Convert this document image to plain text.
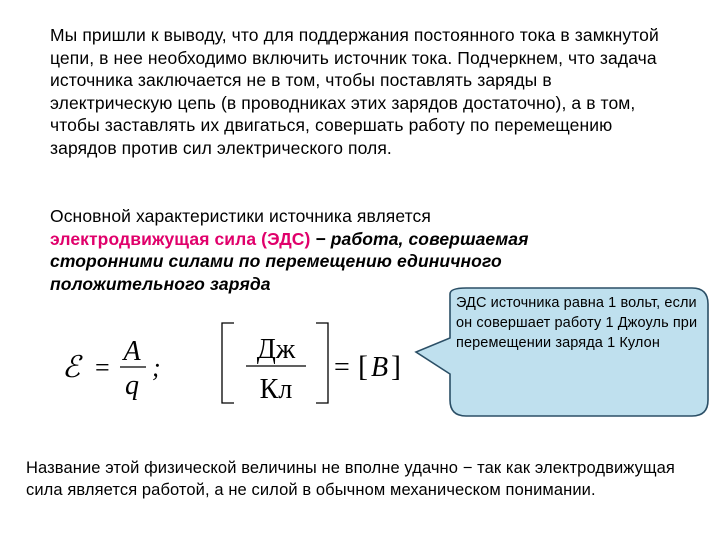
Мы пришли к выводу, что для поддержания постоянного тока в замкнутой цепи, в нее необходимо включить источник тока. Подчеркнем, что задача источника заключается не в том, чтобы поставлять заряды в электрическую цепь (в проводниках этих зарядов достаточно), а в том, чтобы заставлять их двигаться, совершать работу по перемещению зарядов против сил электрического поля.

Основной характеристики источника является
электродвижущая сила (ЭДС) − работа, совершаемая сторонними силами по перемещению единичного положительного заряда

ℰ =
A
q
;
Дж
Кл
= [ В ]

ЭДС источника равна 1 вольт, если он совершает работу 1 Джоуль при перемещении заряда 1 Кулон

Название этой физической величины не вполне удачно − так как электродвижущая сила является работой, а не силой в обычном механическом понимании.
